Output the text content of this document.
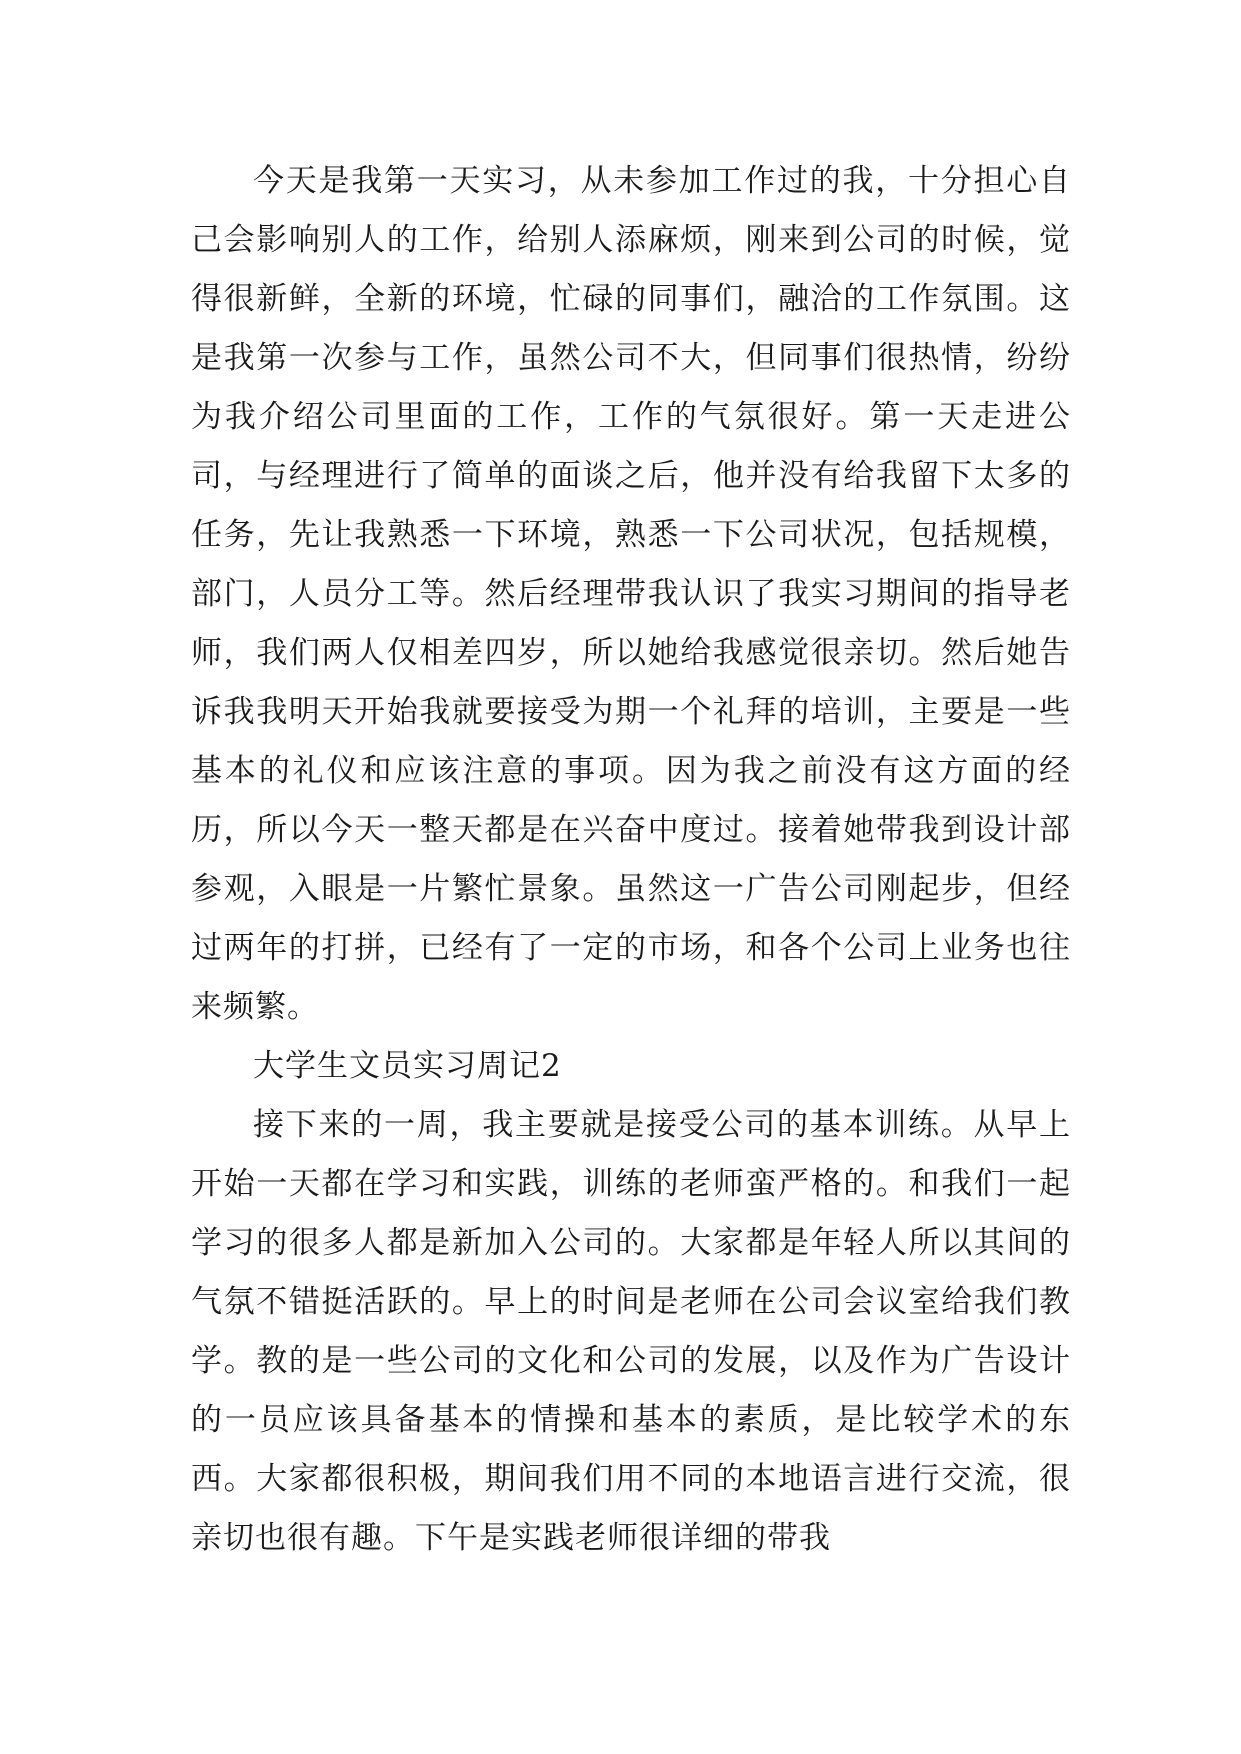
今天是我第一天实习，从未参加工作过的我，十分担心自己会影响别人的工作，给别人添麻烦，刚来到公司的时候，觉得很新鲜，全新的环境，忙碌的同事们，融洽的工作氛围。这是我第一次参与工作，虽然公司不大，但同事们很热情，纷纷为我介绍公司里面的工作，工作的气氛很好。第一天走进公司，与经理进行了简单的面谈之后，他并没有给我留下太多的任务，先让我熟悉一下环境，熟悉一下公司状况，包括规模，部门，人员分工等。然后经理带我认识了我实习期间的指导老师，我们两人仅相差四岁，所以她给我感觉很亲切。然后她告诉我我明天开始我就要接受为期一个礼拜的培训，主要是一些基本的礼仪和应该注意的事项。因为我之前没有这方面的经历，所以今天一整天都是在兴奋中度过。接着她带我到设计部参观，入眼是一片繁忙景象。虽然这一广告公司刚起步，但经过两年的打拼，已经有了一定的市场，和各个公司上业务也往来频繁。

大学生文员实习周记2

接下来的一周，我主要就是接受公司的基本训练。从早上开始一天都在学习和实践，训练的老师蛮严格的。和我们一起学习的很多人都是新加入公司的。大家都是年轻人所以其间的气氛不错挺活跃的。早上的时间是老师在公司会议室给我们教学。教的是一些公司的文化和公司的发展，以及作为广告设计的一员应该具备基本的情操和基本的素质，是比较学术的东西。大家都很积极，期间我们用不同的本地语言进行交流，很亲切也很有趣。下午是实践老师很详细的带我
